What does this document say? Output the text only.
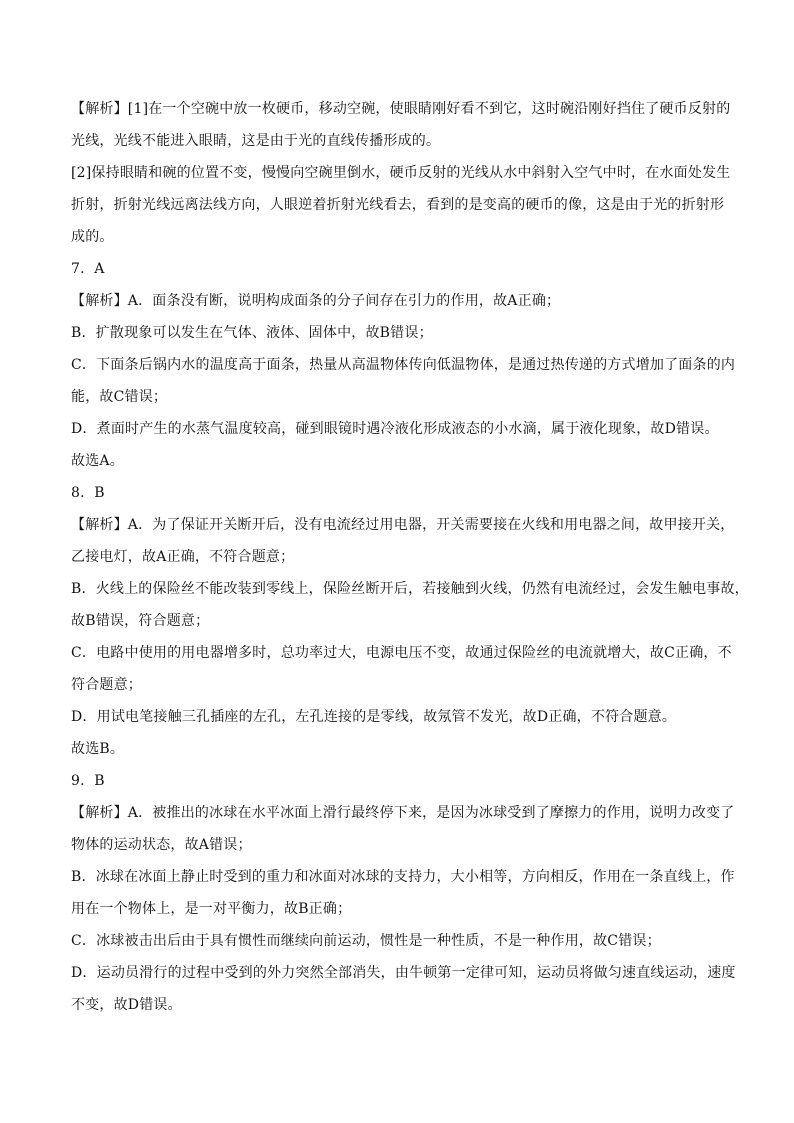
【解析】[1]在一个空碗中放一枚硬币，移动空碗，使眼睛刚好看不到它，这时碗沿刚好挡住了硬币反射的
光线，光线不能进入眼睛，这是由于光的直线传播形成的。
[2]保持眼睛和碗的位置不变，慢慢向空碗里倒水，硬币反射的光线从水中斜射入空气中时，在水面处发生
折射，折射光线远离法线方向，人眼逆着折射光线看去，看到的是变高的硬币的像，这是由于光的折射形
成的。
7．A
【解析】A．面条没有断，说明构成面条的分子间存在引力的作用，故A正确；
B．扩散现象可以发生在气体、液体、固体中，故B错误；
C．下面条后锅内水的温度高于面条，热量从高温物体传向低温物体，是通过热传递的方式增加了面条的内
能，故C错误；
D．煮面时产生的水蒸气温度较高，碰到眼镜时遇冷液化形成液态的小水滴，属于液化现象，故D错误。
故选A。
8．B
【解析】A．为了保证开关断开后，没有电流经过用电器，开关需要接在火线和用电器之间，故甲接开关，
乙接电灯，故A正确，不符合题意；
B．火线上的保险丝不能改装到零线上，保险丝断开后，若接触到火线，仍然有电流经过，会发生触电事故，
故B错误，符合题意；
C．电路中使用的用电器增多时，总功率过大，电源电压不变，故通过保险丝的电流就增大，故C正确，不
符合题意；
D．用试电笔接触三孔插座的左孔，左孔连接的是零线，故氖管不发光，故D正确，不符合题意。
故选B。
9．B
【解析】A．被推出的冰球在水平冰面上滑行最终停下来，是因为冰球受到了摩擦力的作用，说明力改变了
物体的运动状态，故A错误；
B．冰球在冰面上静止时受到的重力和冰面对冰球的支持力，大小相等，方向相反，作用在一条直线上，作
用在一个物体上，是一对平衡力，故B正确；
C．冰球被击出后由于具有惯性而继续向前运动，惯性是一种性质，不是一种作用，故C错误；
D．运动员滑行的过程中受到的外力突然全部消失，由牛顿第一定律可知，运动员将做匀速直线运动，速度
不变，故D错误。
